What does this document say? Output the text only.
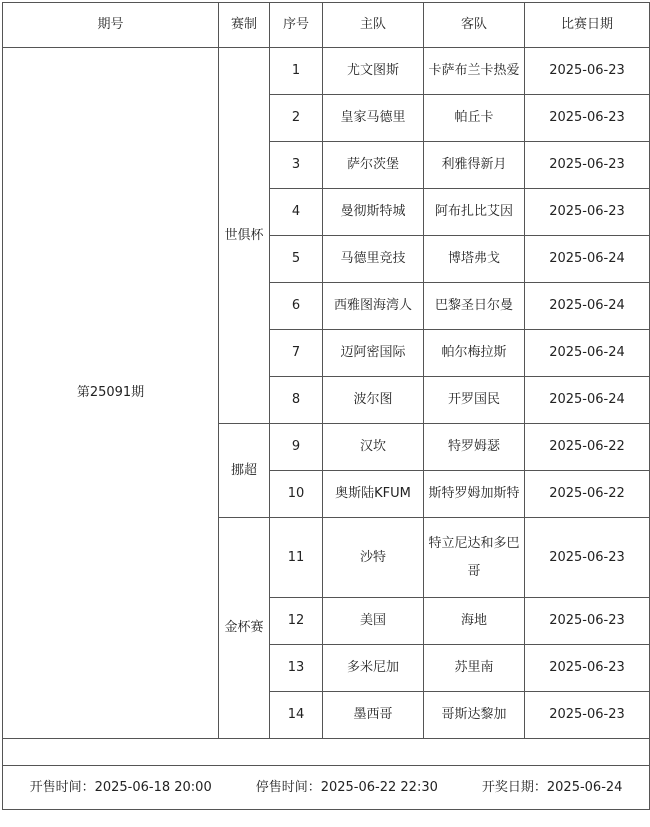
期号	赛制	序号	主队	客队	比赛日期
第25091期	世俱杯	1	尤文图斯	卡萨布兰卡热爱	2025-06-23
		2	皇家马德里	帕丘卡	2025-06-23
		3	萨尔茨堡	利雅得新月	2025-06-23
		4	曼彻斯特城	阿布扎比艾因	2025-06-23
		5	马德里竞技	博塔弗戈	2025-06-24
		6	西雅图海湾人	巴黎圣日尔曼	2025-06-24
		7	迈阿密国际	帕尔梅拉斯	2025-06-24
		8	波尔图	开罗国民	2025-06-24
	挪超	9	汉坎	特罗姆瑟	2025-06-22
		10	奥斯陆KFUM	斯特罗姆加斯特	2025-06-22
	金杯赛	11	沙特	特立尼达和多巴哥	2025-06-23
		12	美国	海地	2025-06-23
		13	多米尼加	苏里南	2025-06-23
		14	墨西哥	哥斯达黎加	2025-06-23

开售时间：2025-06-18 20:00 停售时间：2025-06-22 22:30 开奖日期：2025-06-24					
